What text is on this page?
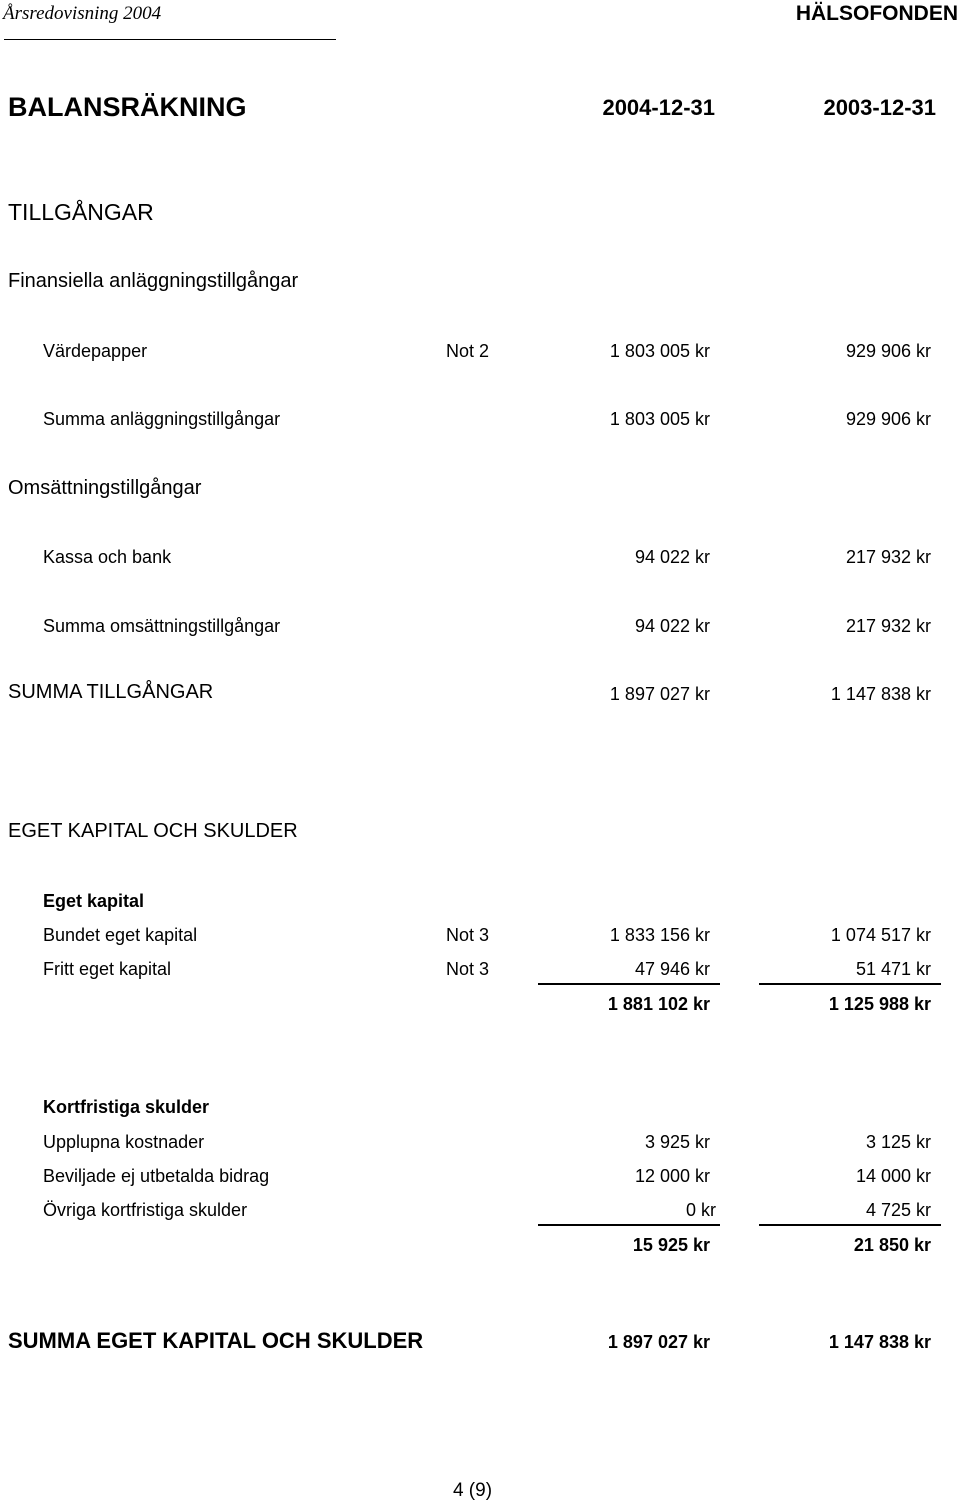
Årsredovisning 2004	HÄLSOFONDEN
BALANSRÄKNING	2004-12-31	2003-12-31
TILLGÅNGAR
Finansiella anläggningstillgångar
Värdepapper	Not 2	1 803 005 kr	929 906 kr
Summa anläggningstillgångar	1 803 005 kr	929 906 kr
Omsättningstillgångar
Kassa och bank	94 022 kr	217 932 kr
Summa omsättningstillgångar	94 022 kr	217 932 kr
SUMMA TILLGÅNGAR	1 897 027 kr	1 147 838 kr
EGET KAPITAL OCH SKULDER
Eget kapital
Bundet eget kapital	Not 3	1 833 156 kr	1 074 517 kr
Fritt eget kapital	Not 3	47 946 kr	51 471 kr
1 881 102 kr	1 125 988 kr
Kortfristiga skulder
Upplupna kostnader	3 925 kr	3 125 kr
Beviljade ej utbetalda bidrag	12 000 kr	14 000 kr
Övriga kortfristiga skulder	0 kr	4 725 kr
15 925 kr	21 850 kr
SUMMA EGET KAPITAL OCH SKULDER	1 897 027 kr	1 147 838 kr
4 (9)
